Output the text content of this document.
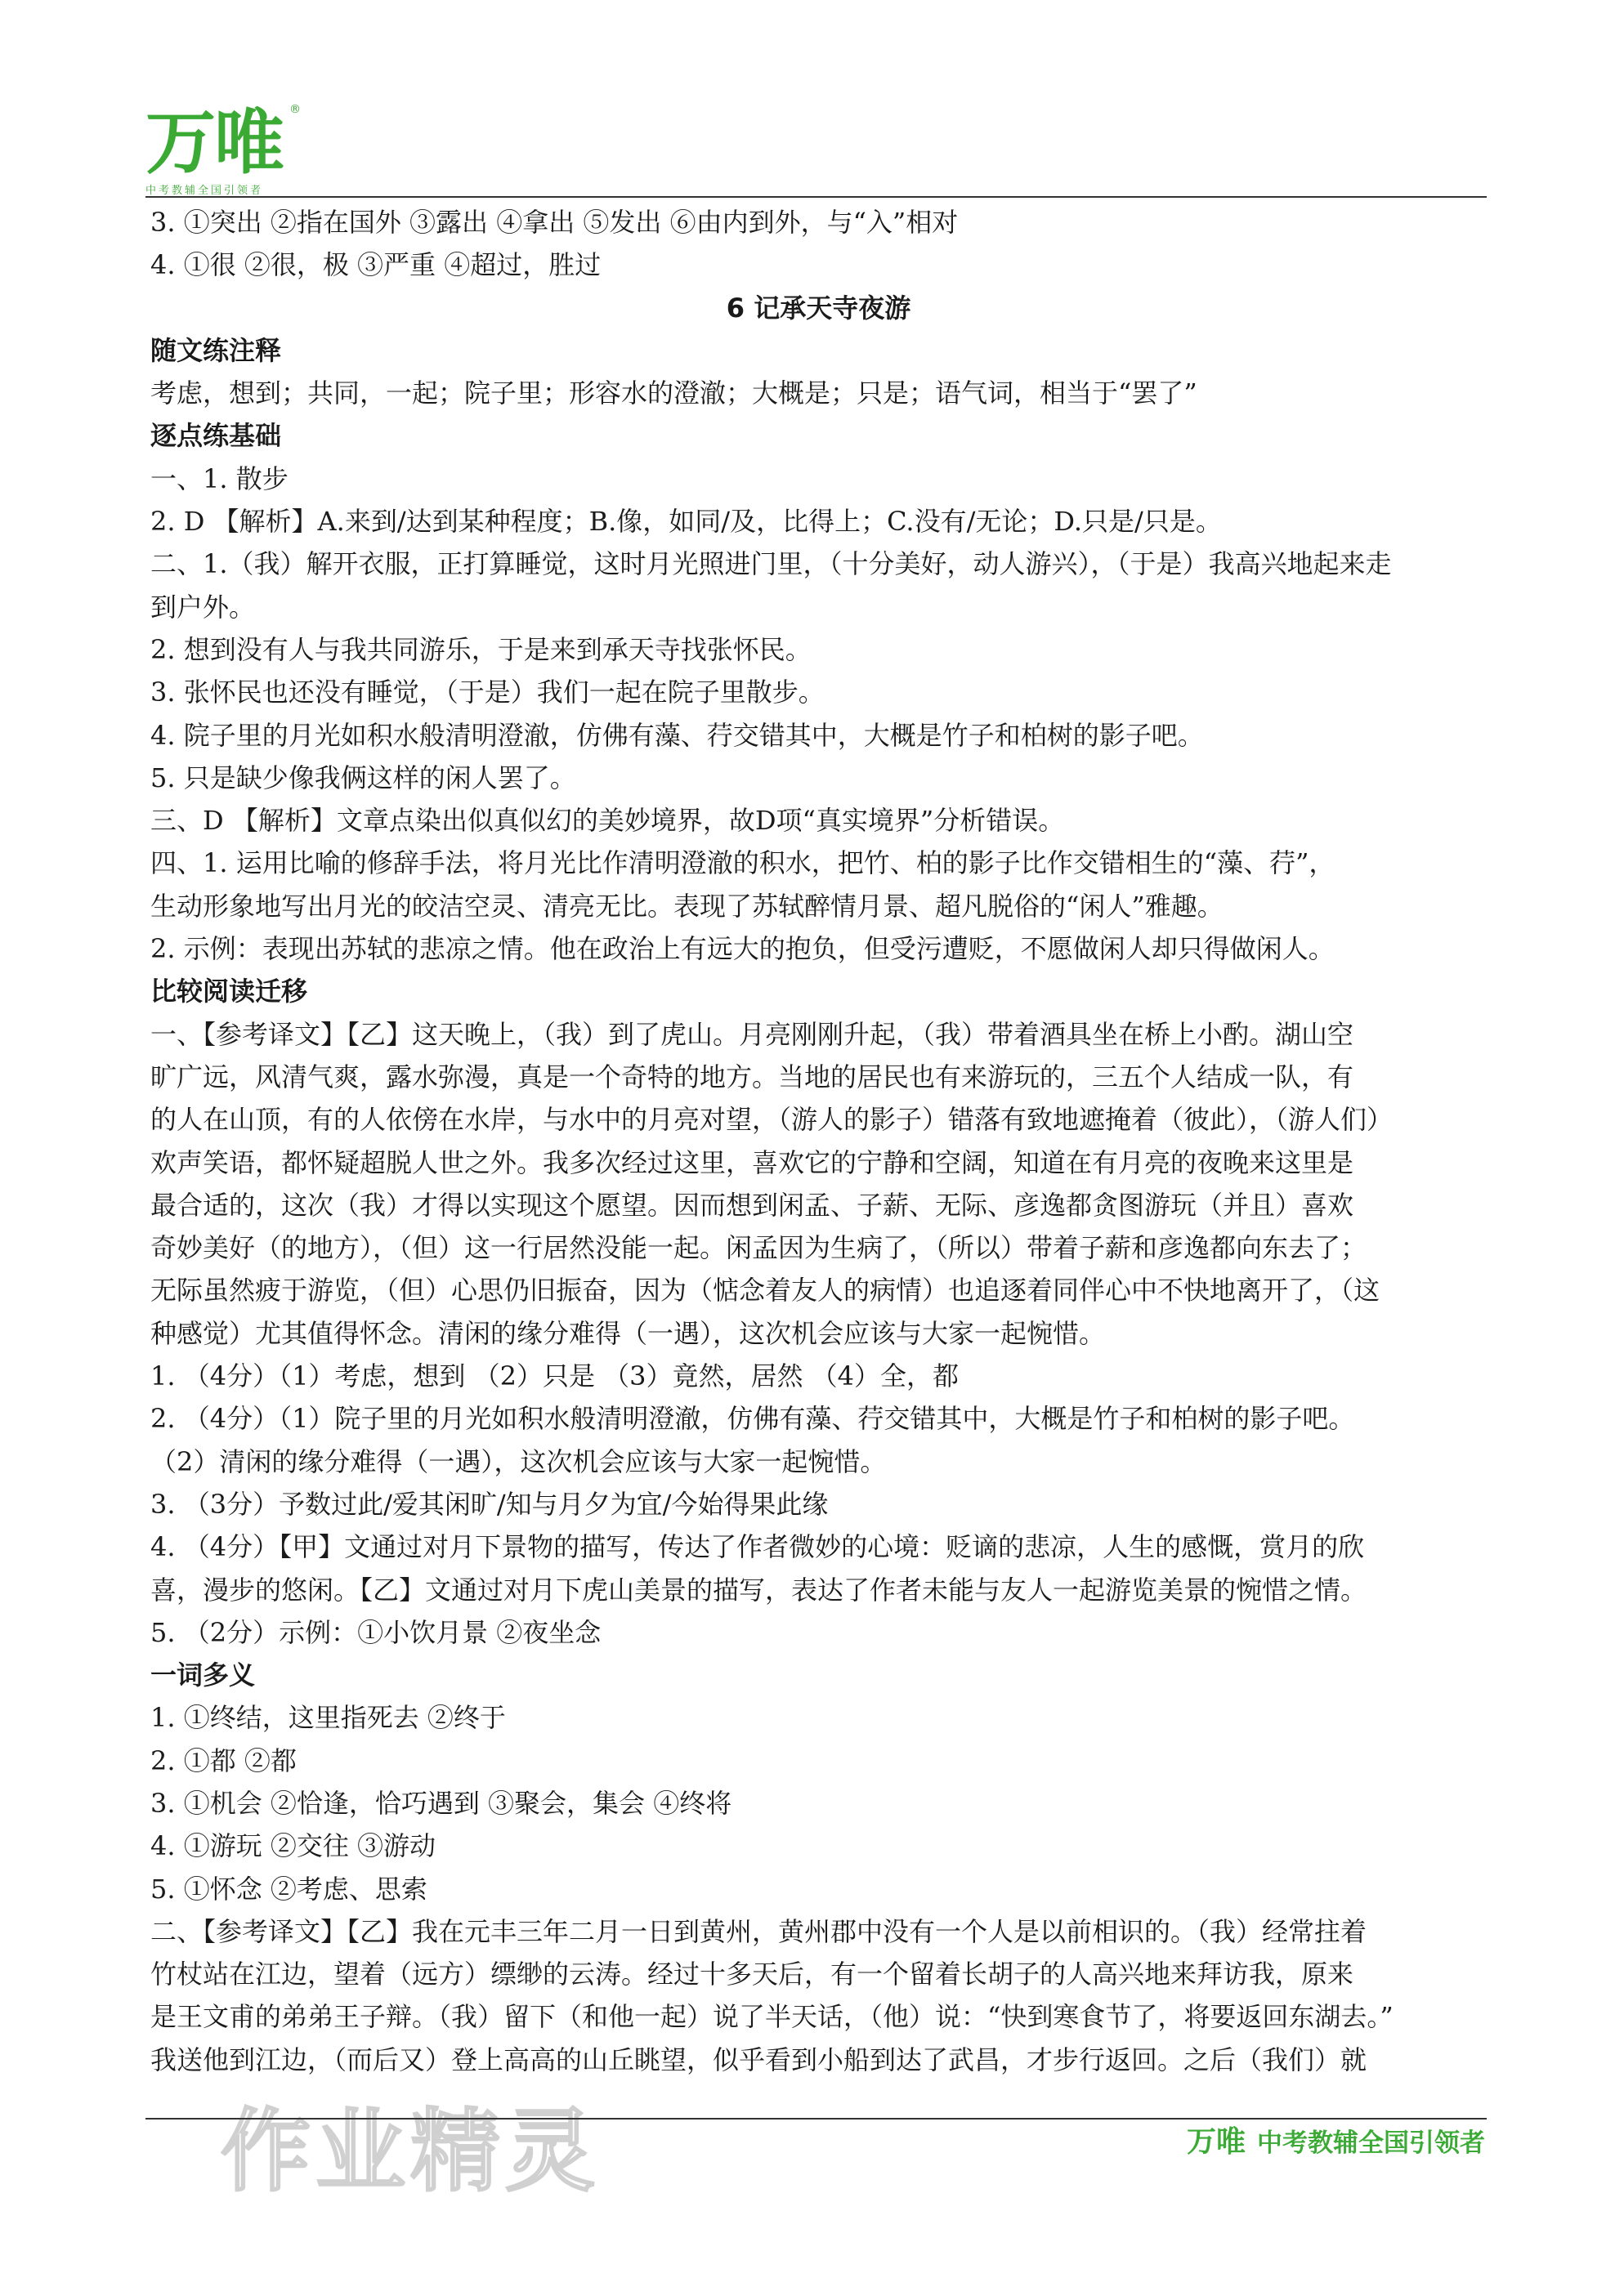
万唯 ®
中考教辅全国引领者

3. ①突出 ②指在国外 ③露出 ④拿出 ⑤发出 ⑥由内到外，与“入”相对

4. ①很 ②很，极 ③严重 ④超过，胜过

6 记承天寺夜游

随文练注释

考虑，想到；共同，一起；院子里；形容水的澄澈；大概是；只是；语气词，相当于“罢了”

逐点练基础

一、1. 散步

2. D 【解析】A.来到/达到某种程度；B.像，如同/及，比得上；C.没有/无论；D.只是/只是。

二、1.（我）解开衣服，正打算睡觉，这时月光照进门里，（十分美好，动人游兴），（于是）我高兴地起来走

到户外。

2. 想到没有人与我共同游乐，于是来到承天寺找张怀民。

3. 张怀民也还没有睡觉，（于是）我们一起在院子里散步。

4. 院子里的月光如积水般清明澄澈，仿佛有藻、荇交错其中，大概是竹子和柏树的影子吧。

5. 只是缺少像我俩这样的闲人罢了。

三、D 【解析】文章点染出似真似幻的美妙境界，故D项“真实境界”分析错误。

四、1. 运用比喻的修辞手法，将月光比作清明澄澈的积水，把竹、柏的影子比作交错相生的“藻、荇”，

生动形象地写出月光的皎洁空灵、清亮无比。表现了苏轼醉情月景、超凡脱俗的“闲人”雅趣。

2. 示例：表现出苏轼的悲凉之情。他在政治上有远大的抱负，但受污遭贬，不愿做闲人却只得做闲人。

比较阅读迁移

一、【参考译文】【乙】这天晚上，（我）到了虎山。月亮刚刚升起，（我）带着酒具坐在桥上小酌。湖山空

旷广远，风清气爽，露水弥漫，真是一个奇特的地方。当地的居民也有来游玩的，三五个人结成一队，有

的人在山顶，有的人依傍在水岸，与水中的月亮对望，（游人的影子）错落有致地遮掩着（彼此），（游人们）

欢声笑语，都怀疑超脱人世之外。我多次经过这里，喜欢它的宁静和空阔，知道在有月亮的夜晚来这里是

最合适的，这次（我）才得以实现这个愿望。因而想到闲孟、子薪、无际、彦逸都贪图游玩（并且）喜欢

奇妙美好（的地方），（但）这一行居然没能一起。闲孟因为生病了，（所以）带着子薪和彦逸都向东去了；

无际虽然疲于游览，（但）心思仍旧振奋，因为（惦念着友人的病情）也追逐着同伴心中不快地离开了，（这

种感觉）尤其值得怀念。清闲的缘分难得（一遇），这次机会应该与大家一起惋惜。

1. （4分）（1）考虑，想到 （2）只是 （3）竟然，居然 （4）全，都

2. （4分）（1）院子里的月光如积水般清明澄澈，仿佛有藻、荇交错其中，大概是竹子和柏树的影子吧。

（2）清闲的缘分难得（一遇），这次机会应该与大家一起惋惜。

3. （3分）予数过此/爱其闲旷/知与月夕为宜/今始得果此缘

4. （4分）【甲】文通过对月下景物的描写，传达了作者微妙的心境：贬谪的悲凉，人生的感慨，赏月的欣

喜，漫步的悠闲。【乙】文通过对月下虎山美景的描写，表达了作者未能与友人一起游览美景的惋惜之情。

5. （2分）示例：①小饮月景 ②夜坐念

一词多义

1. ①终结，这里指死去 ②终于

2. ①都 ②都

3. ①机会 ②恰逢，恰巧遇到 ③聚会，集会 ④终将

4. ①游玩 ②交往 ③游动

5. ①怀念 ②考虑、思索

二、【参考译文】【乙】我在元丰三年二月一日到黄州，黄州郡中没有一个人是以前相识的。（我）经常拄着

竹杖站在江边，望着（远方）缥缈的云涛。经过十多天后，有一个留着长胡子的人高兴地来拜访我，原来

是王文甫的弟弟王子辩。（我）留下（和他一起）说了半天话，（他）说：“快到寒食节了，将要返回东湖去。”

我送他到江边，（而后又）登上高高的山丘眺望，似乎看到小船到达了武昌，才步行返回。之后（我们）就

作业精灵	万唯 中考教辅全国引领者
